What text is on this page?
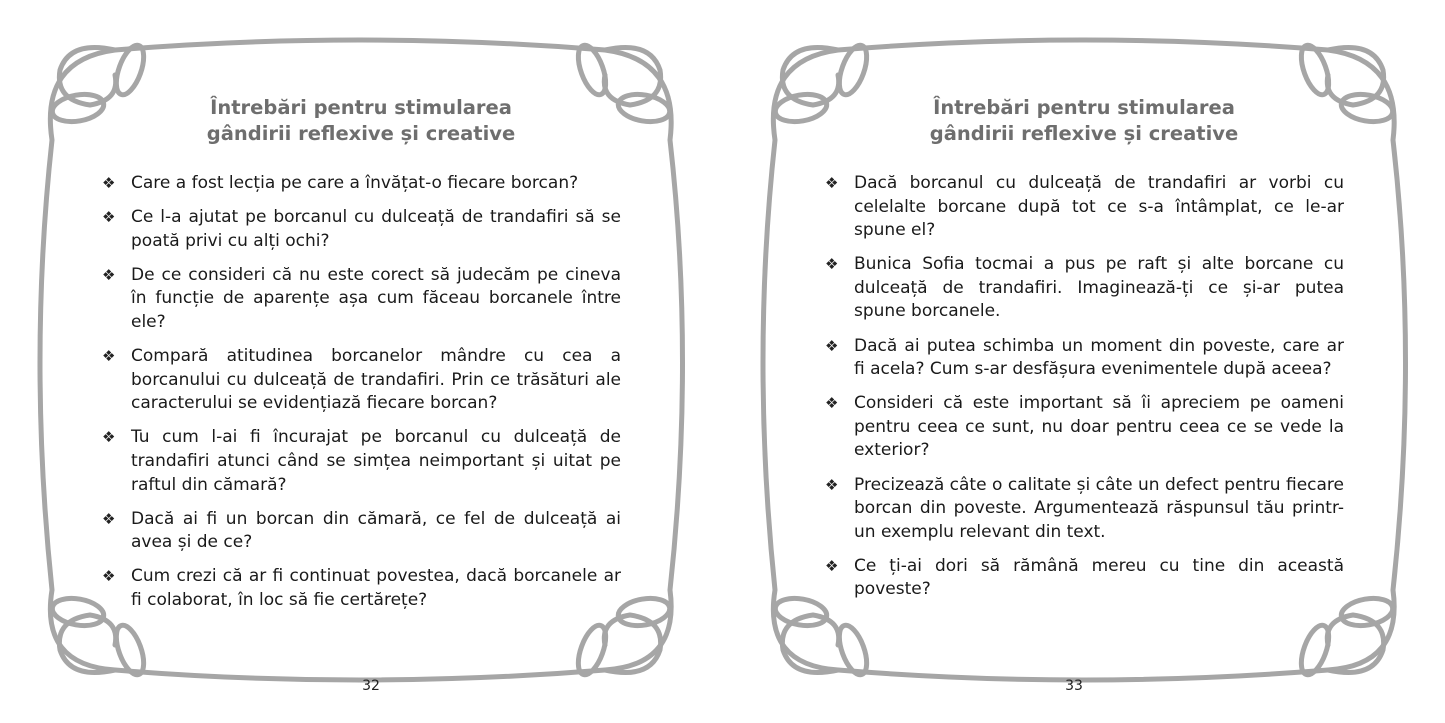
Întrebări pentru stimularea
gândirii reflexive și creative
❖ Care a fost lecția pe care a învățat-o fiecare borcan?
❖ Ce l-a ajutat pe borcanul cu dulceață de trandafiri să se poată privi cu alți ochi?
❖ De ce consideri că nu este corect să judecăm pe cineva în funcție de aparențe așa cum făceau borcanele între ele?
❖ Compară atitudinea borcanelor mândre cu cea a borcanului cu dulceață de trandafiri. Prin ce trăsături ale caracterului se evidențiază fiecare borcan?
❖ Tu cum l-ai fi încurajat pe borcanul cu dulceață de trandafiri atunci când se simțea neimportant și uitat pe raftul din cămară?
❖ Dacă ai fi un borcan din cămară, ce fel de dulceață ai avea și de ce?
❖ Cum crezi că ar fi continuat povestea, dacă borcanele ar fi colaborat, în loc să fie certărețe?
32
Întrebări pentru stimularea
gândirii reflexive și creative
❖ Dacă borcanul cu dulceață de trandafiri ar vorbi cu celelalte borcane după tot ce s-a întâmplat, ce le-ar spune el?
❖ Bunica Sofia tocmai a pus pe raft și alte borcane cu dulceață de trandafiri. Imaginează-ți ce și-ar putea spune borcanele.
❖ Dacă ai putea schimba un moment din poveste, care ar fi acela? Cum s-ar desfășura evenimentele după aceea?
❖ Consideri că este important să îi apreciem pe oameni pentru ceea ce sunt, nu doar pentru ceea ce se vede la exterior?
❖ Precizează câte o calitate și câte un defect pentru fiecare borcan din poveste. Argumentează răspunsul tău printr-un exemplu relevant din text.
❖ Ce ți-ai dori să rămână mereu cu tine din această poveste?
33
